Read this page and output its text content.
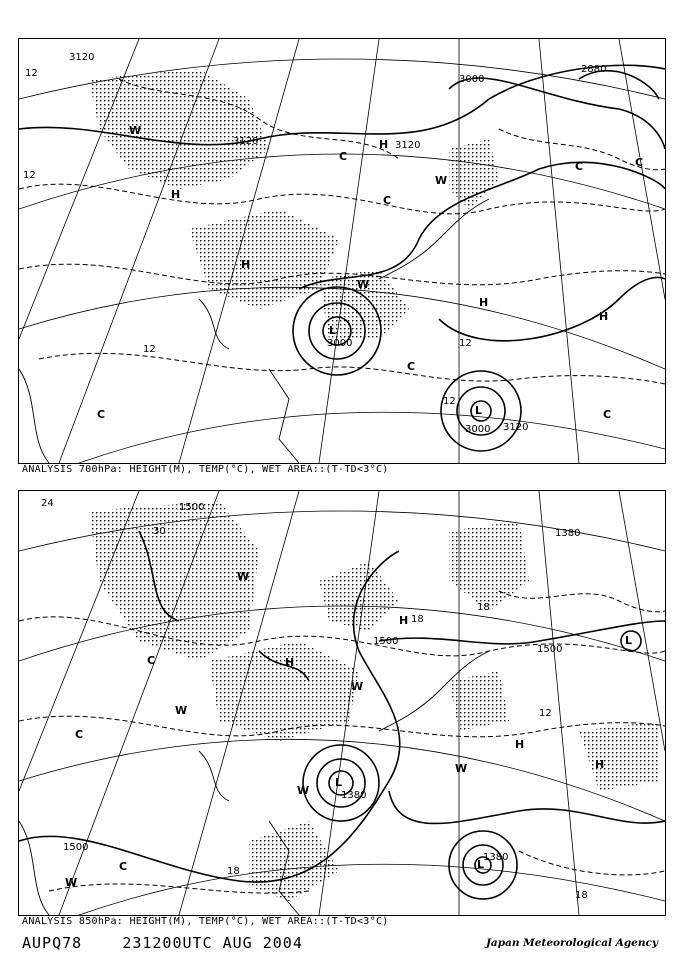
3120
3120
3000
2880
3120
3000
3000 3120
12
12
12
12
12
H
H
H
H
H
L
L
C
C
C	C
C
C	C
W
W
W
ANALYSIS 700hPa: HEIGHT(M), TEMP(°C), WET AREA::(T-TD<3°C)
1500
1500
1500
1500
1380
1380
1380
24
30
18
18
12
18
18
H
H
H
H
L
L
L
C
C
C
W
W
W
W
W
W
ANALYSIS 850hPa: HEIGHT(M), TEMP(°C), WET AREA::(T-TD<3°C)
AUPQ78	231200UTC AUG 2004	Japan Meteorological Agency
